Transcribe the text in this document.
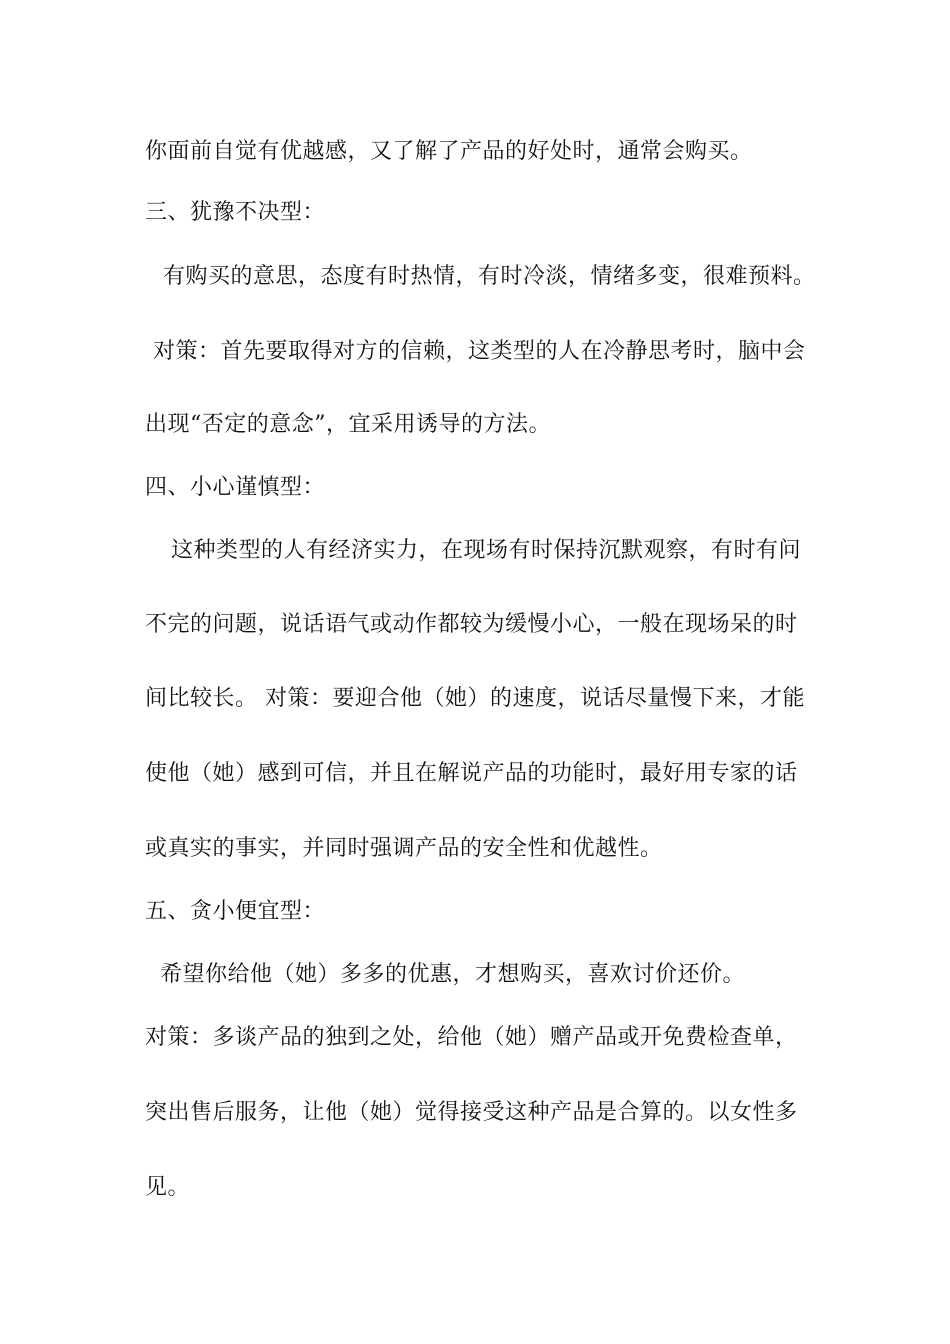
你面前自觉有优越感，又了解了产品的好处时，通常会购买。
三、犹豫不决型：
有购买的意思，态度有时热情，有时冷淡，情绪多变，很难预料。
对策：首先要取得对方的信赖，这类型的人在冷静思考时，脑中会
出现“否定的意念”，宜采用诱导的方法。
四、小心谨慎型：
这种类型的人有经济实力，在现场有时保持沉默观察，有时有问
不完的问题，说话语气或动作都较为缓慢小心，一般在现场呆的时
间比较长。 对策：要迎合他（她）的速度，说话尽量慢下来，才能
使他（她）感到可信，并且在解说产品的功能时，最好用专家的话
或真实的事实，并同时强调产品的安全性和优越性。
五、贪小便宜型：
希望你给他（她）多多的优惠，才想购买，喜欢讨价还价。
对策：多谈产品的独到之处，给他（她）赠产品或开免费检查单，
突出售后服务，让他（她）觉得接受这种产品是合算的。以女性多
见。
